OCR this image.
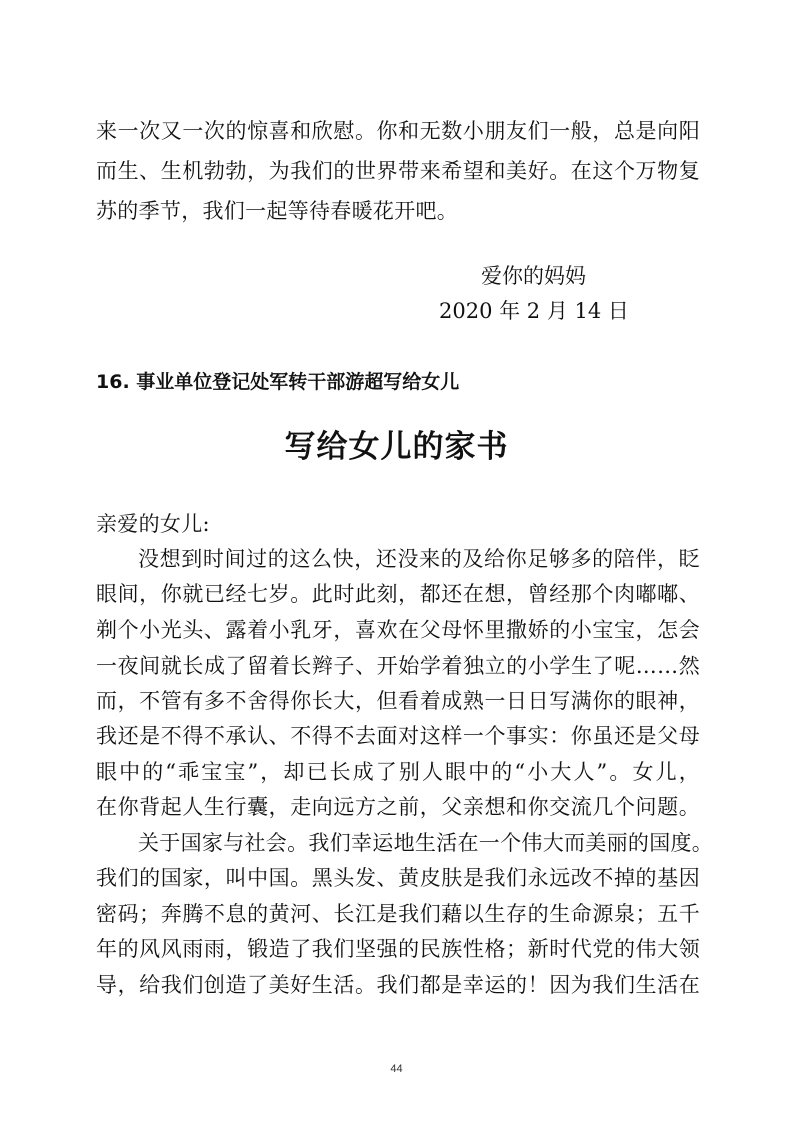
来一次又一次的惊喜和欣慰。你和无数小朋友们一般，总是向阳
而生、生机勃勃，为我们的世界带来希望和美好。在这个万物复
苏的季节，我们一起等待春暖花开吧。
爱你的妈妈
2020 年 2 月 14 日
16. 事业单位登记处军转干部游超写给女儿
写给女儿的家书
亲爱的女儿:
没想到时间过的这么快，还没来的及给你足够多的陪伴，眨
眼间，你就已经七岁。此时此刻，都还在想，曾经那个肉嘟嘟、
剃个小光头、露着小乳牙，喜欢在父母怀里撒娇的小宝宝，怎会
一夜间就长成了留着长辫子、开始学着独立的小学生了呢……然
而，不管有多不舍得你长大，但看着成熟一日日写满你的眼神，
我还是不得不承认、不得不去面对这样一个事实：你虽还是父母
眼中的“乖宝宝”，却已长成了别人眼中的“小大人”。女儿，
在你背起人生行囊，走向远方之前，父亲想和你交流几个问题。
关于国家与社会。我们幸运地生活在一个伟大而美丽的国度。
我们的国家，叫中国。黑头发、黄皮肤是我们永远改不掉的基因
密码；奔腾不息的黄河、长江是我们藉以生存的生命源泉；五千
年的风风雨雨，锻造了我们坚强的民族性格；新时代党的伟大领
导，给我们创造了美好生活。我们都是幸运的！因为我们生活在
44
